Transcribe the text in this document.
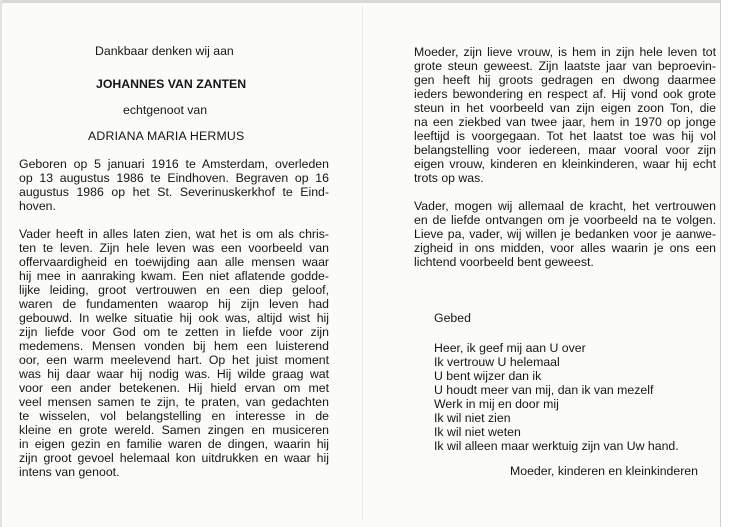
Dankbaar denken wij aan
JOHANNES VAN ZANTEN
echtgenoot van
ADRIANA MARIA HERMUS
Geboren op 5 januari 1916 te Amsterdam, overleden
op 13 augustus 1986 te Eindhoven. Begraven op 16
augustus 1986 op het St. Severinuskerkhof te Eind-
hoven.
Vader heeft in alles laten zien, wat het is om als chris-
ten te leven. Zijn hele leven was een voorbeeld van
offervaardigheid en toewijding aan alle mensen waar
hij mee in aanraking kwam. Een niet aflatende godde-
lijke leiding, groot vertrouwen en een diep geloof,
waren de fundamenten waarop hij zijn leven had
gebouwd. In welke situatie hij ook was, altijd wist hij
zijn liefde voor God om te zetten in liefde voor zijn
medemens. Mensen vonden bij hem een luisterend
oor, een warm meelevend hart. Op het juist moment
was hij daar waar hij nodig was. Hij wilde graag wat
voor een ander betekenen. Hij hield ervan om met
veel mensen samen te zijn, te praten, van gedachten
te wisselen, vol belangstelling en interesse in de
kleine en grote wereld. Samen zingen en musiceren
in eigen gezin en familie waren de dingen, waarin hij
zijn groot gevoel helemaal kon uitdrukken en waar hij
intens van genoot.
Moeder, zijn lieve vrouw, is hem in zijn hele leven tot
grote steun geweest. Zijn laatste jaar van beproevin-
gen heeft hij groots gedragen en dwong daarmee
ieders bewondering en respect af. Hij vond ook grote
steun in het voorbeeld van zijn eigen zoon Ton, die
na een ziekbed van twee jaar, hem in 1970 op jonge
leeftijd is voorgegaan. Tot het laatst toe was hij vol
belangstelling voor iedereen, maar vooral voor zijn
eigen vrouw, kinderen en kleinkinderen, waar hij echt
trots op was.
Vader, mogen wij allemaal de kracht, het vertrouwen
en de liefde ontvangen om je voorbeeld na te volgen.
Lieve pa, vader, wij willen je bedanken voor je aanwe-
zigheid in ons midden, voor alles waarin je ons een
lichtend voorbeeld bent geweest.
Gebed
Heer, ik geef mij aan U over
Ik vertrouw U helemaal
U bent wijzer dan ik
U houdt meer van mij, dan ik van mezelf
Werk in mij en door mij
Ik wil niet zien
Ik wil niet weten
Ik wil alleen maar werktuig zijn van Uw hand.
Moeder, kinderen en kleinkinderen
